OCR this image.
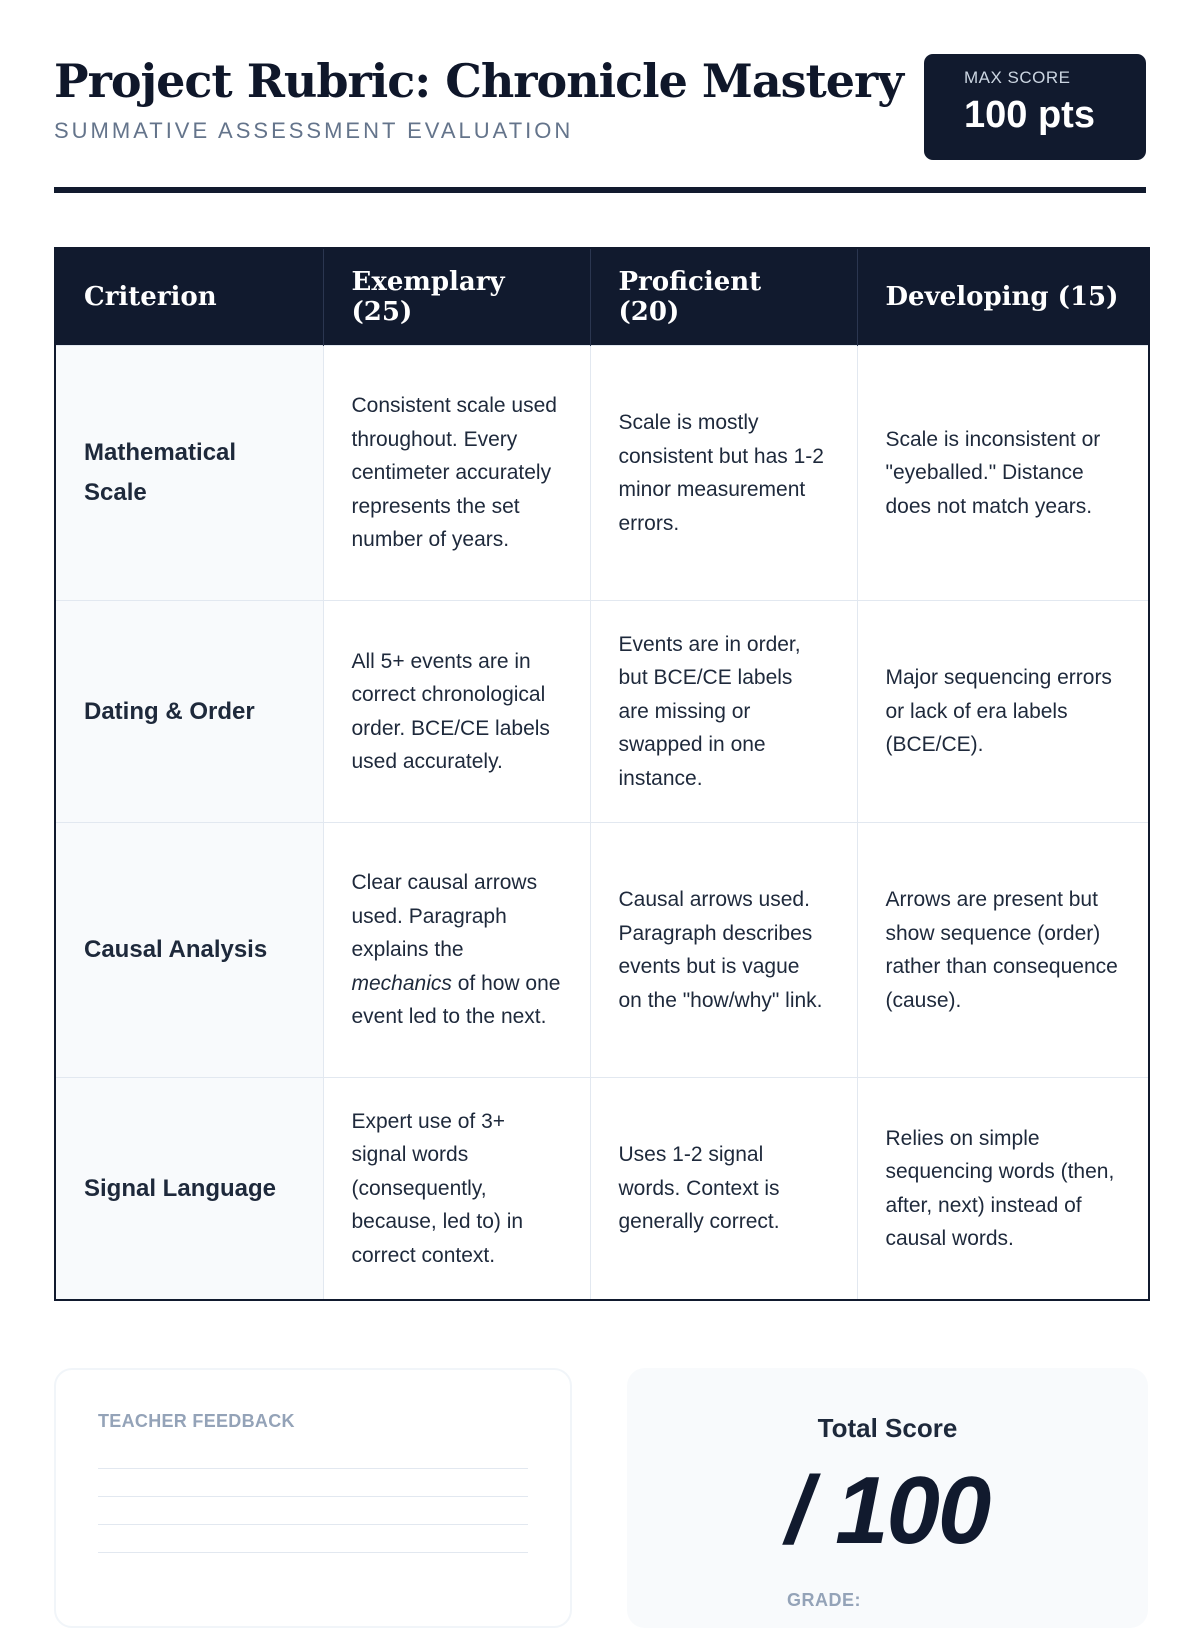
Project Rubric: Chronicle Mastery
SUMMATIVE ASSESSMENT EVALUATION
MAX SCORE
100 pts
Criterion	Exemplary (25)	Proficient (20)	Developing (15)
Mathematical Scale	Consistent scale used throughout. Every centimeter accurately represents the set number of years.	Scale is mostly consistent but has 1-2 minor measurement errors.	Scale is inconsistent or "eyeballed." Distance does not match years.
Dating & Order	All 5+ events are in correct chronological order. BCE/CE labels used accurately.	Events are in order, but BCE/CE labels are missing or swapped in one instance.	Major sequencing errors or lack of era labels (BCE/CE).
Causal Analysis	Clear causal arrows used. Paragraph explains the mechanics of how one event led to the next.	Causal arrows used. Paragraph describes events but is vague on the "how/why" link.	Arrows are present but show sequence (order) rather than consequence (cause).
Signal Language	Expert use of 3+ signal words (consequently, because, led to) in correct context.	Uses 1-2 signal words. Context is generally correct.	Relies on simple sequencing words (then, after, next) instead of causal words.
TEACHER FEEDBACK	Total Score
/ 100
GRADE:
